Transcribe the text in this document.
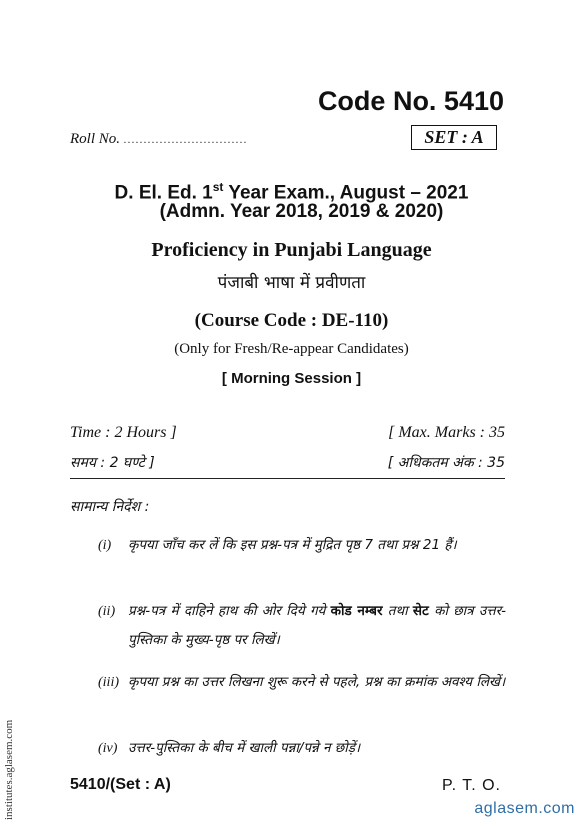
Code No. 5410
Roll No. ...............................	SET : A
D. El. Ed. 1st Year Exam., August – 2021
(Admn. Year 2018, 2019 & 2020)
Proficiency in Punjabi Language
पंजाबी भाषा में प्रवीणता
(Course Code : DE-110)
(Only for Fresh/Re-appear Candidates)
[ Morning Session ]
Time : 2 Hours ]	[ Max. Marks : 35
समय : 2 घण्टे ]	[ अधिकतम अंक : 35
सामान्य निर्देश :
(i) कृपया जाँच कर लें कि इस प्रश्न-पत्र में मुद्रित पृष्ठ 7 तथा प्रश्न 21 हैं।
(ii) प्रश्न-पत्र में दाहिने हाथ की ओर दिये गये कोड नम्बर तथा सेट को छात्र उत्तर-पुस्तिका के मुख्य-पृष्ठ पर लिखें।
(iii) कृपया प्रश्न का उत्तर लिखना शुरू करने से पहले, प्रश्न का क्रमांक अवश्य लिखें।
(iv) उत्तर-पुस्तिका के बीच में खाली पन्ना/पन्ने न छोड़ें।
5410/(Set : A)	P. T. O.
institutes.aglasem.com	aglasem.com
